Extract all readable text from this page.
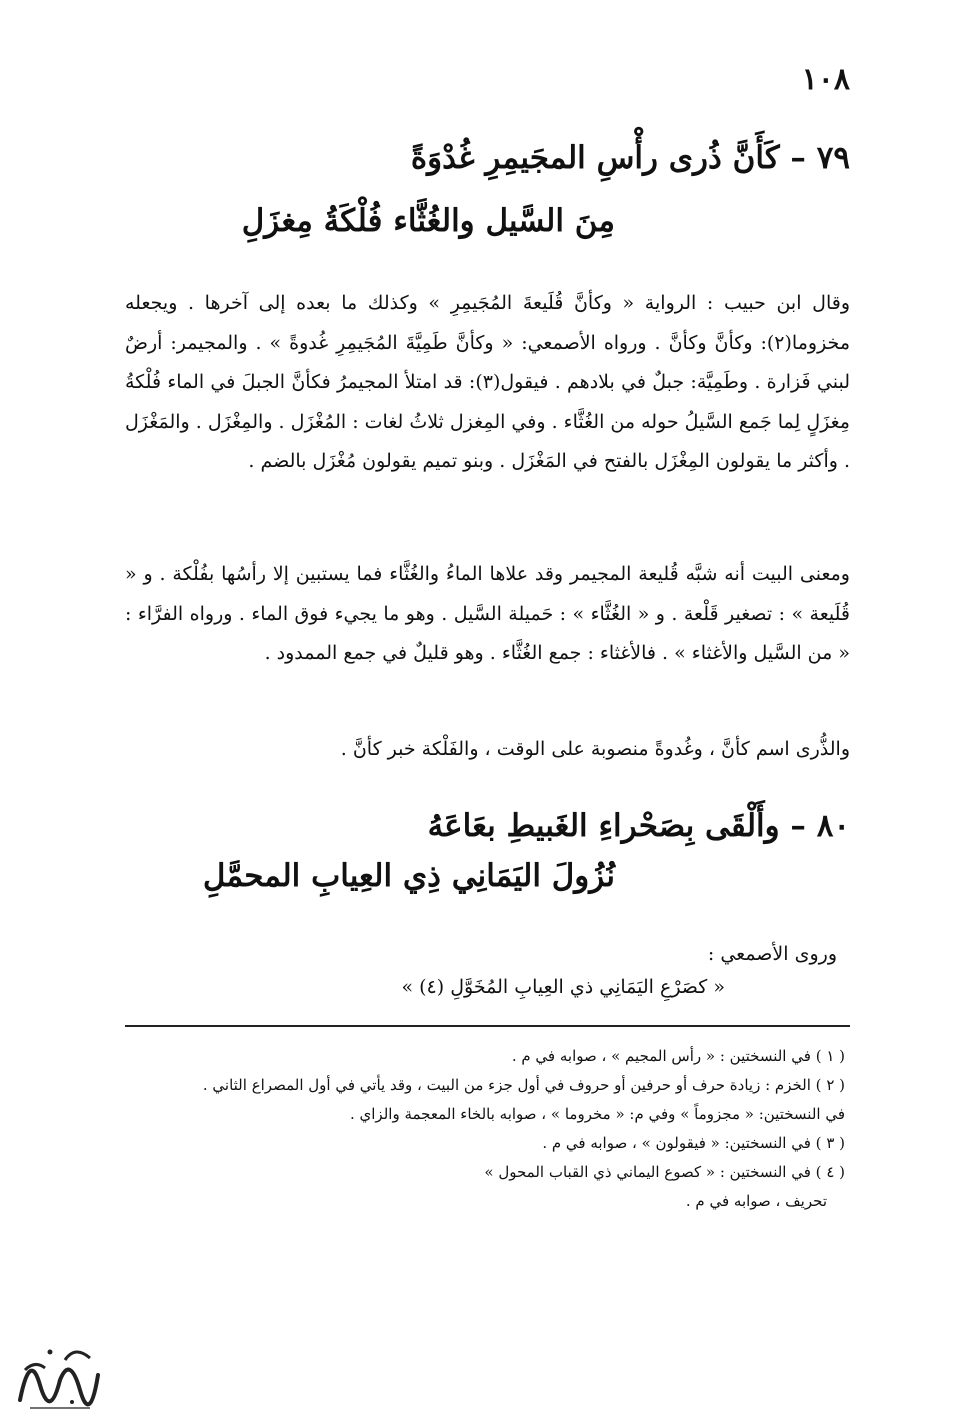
١٠٨
٧٩ – كَأَنَّ ذُرى رأْسِ المجَيمِرِ غُدْوَةً
مِنَ السَّيل والغُثَّاء فُلْكَةُ مِغزَلِ
وقال ابن حبيب : الرواية « وكأنَّ قُلَيعةَ المُجَيمِرِ » وكذلك ما بعده إلى آخرها . ويجعله مخزوما(٢): وكأنَّ وكأنَّ . ورواه الأصمعي: « وكأنَّ طَمِيَّةَ المُجَيمِرِ غُدوةً » . والمجيمر: أرضٌ لبني فَزارة . وطَمِيَّة: جبلٌ في بلادهم . فيقول(٣): قد امتلأ المجيمرُ فكأنَّ الجبلَ في الماء فُلْكةُ مِغزَلٍ لِما جَمع السَّيلُ حوله من الغُثَّاء . وفي المِغزل ثلاثُ لغات : المُغْزَل . والمِغْزَل . والمَغْزَل . وأكثر ما يقولون المِغْزَل بالفتح في المَغْزَل . وبنو تميم يقولون مُغْزَل بالضم .
ومعنى البيت أنه شبَّه قُليعة المجيمر وقد علاها الماءُ والغُثَّاء فما يستبين إلا رأسُها بفُلْكة . و « قُلَيعة » : تصغير قَلْعة . و « الغُثَّاء » : حَميلة السَّيل . وهو ما يجيء فوق الماء . ورواه الفرَّاء : « من السَّيل والأغثاء » . فالأغثاء : جمع الغُثَّاء . وهو قليلٌ في جمع الممدود .
والذُّرى اسم كأنَّ ، وغُدوةً منصوبة على الوقت ، والفَلْكة خبر كأنَّ .
٨٠ – وأَلْقَى بِصَحْراءِ الغَبيطِ بعَاعَهُ
نُزُولَ اليَمَانِي ذِي العِيابِ المحمَّلِ
وروى الأصمعي :
« كصَرْعِ اليَمَانِي ذي العِيابِ المُخَوَّلِ (٤) »
( ١ ) في النسختين : « رأس المجيم » ، صوابه في م .
( ٢ ) الخزم : زيادة حرف أو حرفين أو حروف في أول جزء من البيت ، وقد يأتي في أول المصراع الثاني .
في النسختين: « مجزوماً » وفي م: « مخروما » ، صوابه بالخاء المعجمة والزاي .
( ٣ ) في النسختين: « فيقولون » ، صوابه في م .
( ٤ ) في النسختين : « كصوع اليماني ذي القباب المحول »
تحريف ، صوابه في م .
